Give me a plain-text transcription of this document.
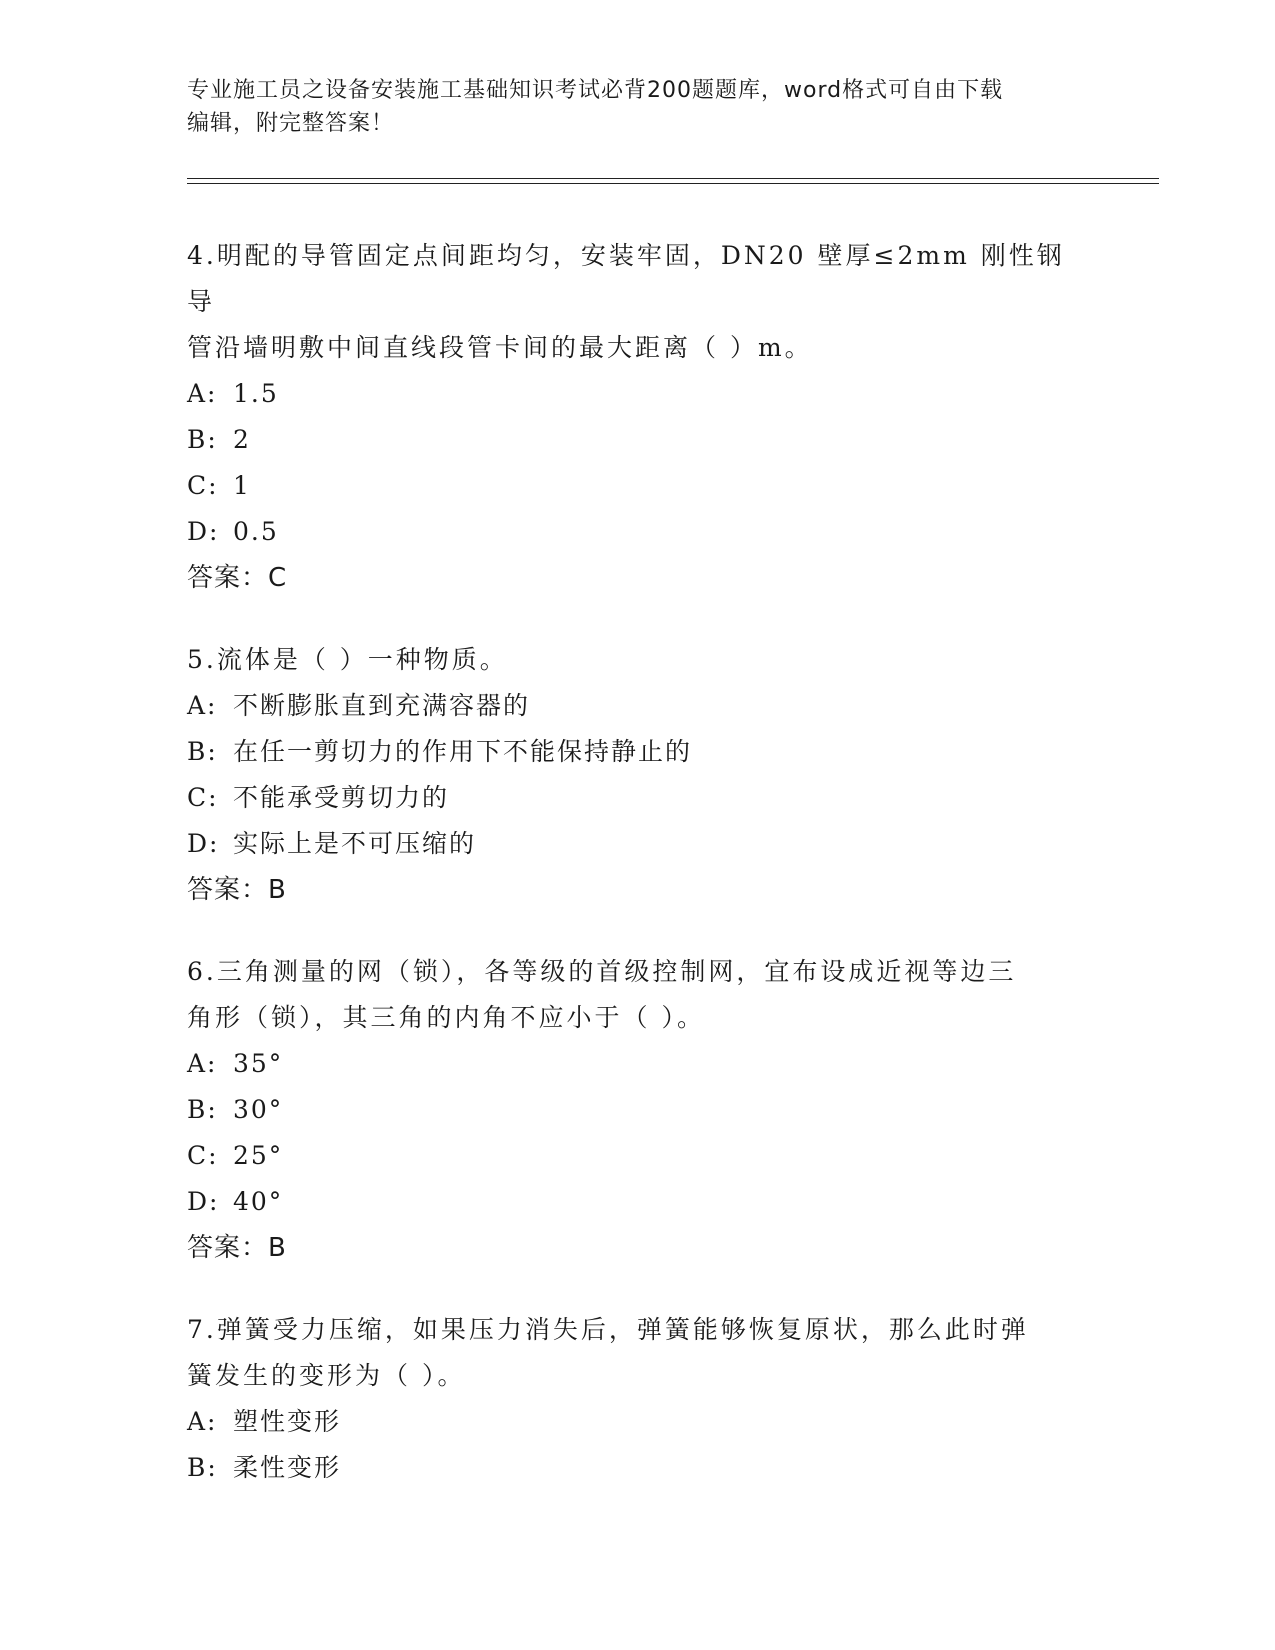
专业施工员之设备安装施工基础知识考试必背200题题库，word格式可自由下载
编辑，附完整答案！
4.明配的导管固定点间距均匀，安装牢固，DN20 壁厚≤2mm 刚性钢导
管沿墙明敷中间直线段管卡间的最大距离（ ）m。
A: 1.5
B: 2
C: 1
D: 0.5
答案：C
5.流体是（ ）一种物质。
A: 不断膨胀直到充满容器的
B: 在任一剪切力的作用下不能保持静止的
C: 不能承受剪切力的
D: 实际上是不可压缩的
答案：B
6.三角测量的网（锁），各等级的首级控制网，宜布设成近视等边三
角形（锁），其三角的内角不应小于（ ）。
A: 35°
B: 30°
C: 25°
D: 40°
答案：B
7.弹簧受力压缩，如果压力消失后，弹簧能够恢复原状，那么此时弹
簧发生的变形为（ ）。
A: 塑性变形
B: 柔性变形
